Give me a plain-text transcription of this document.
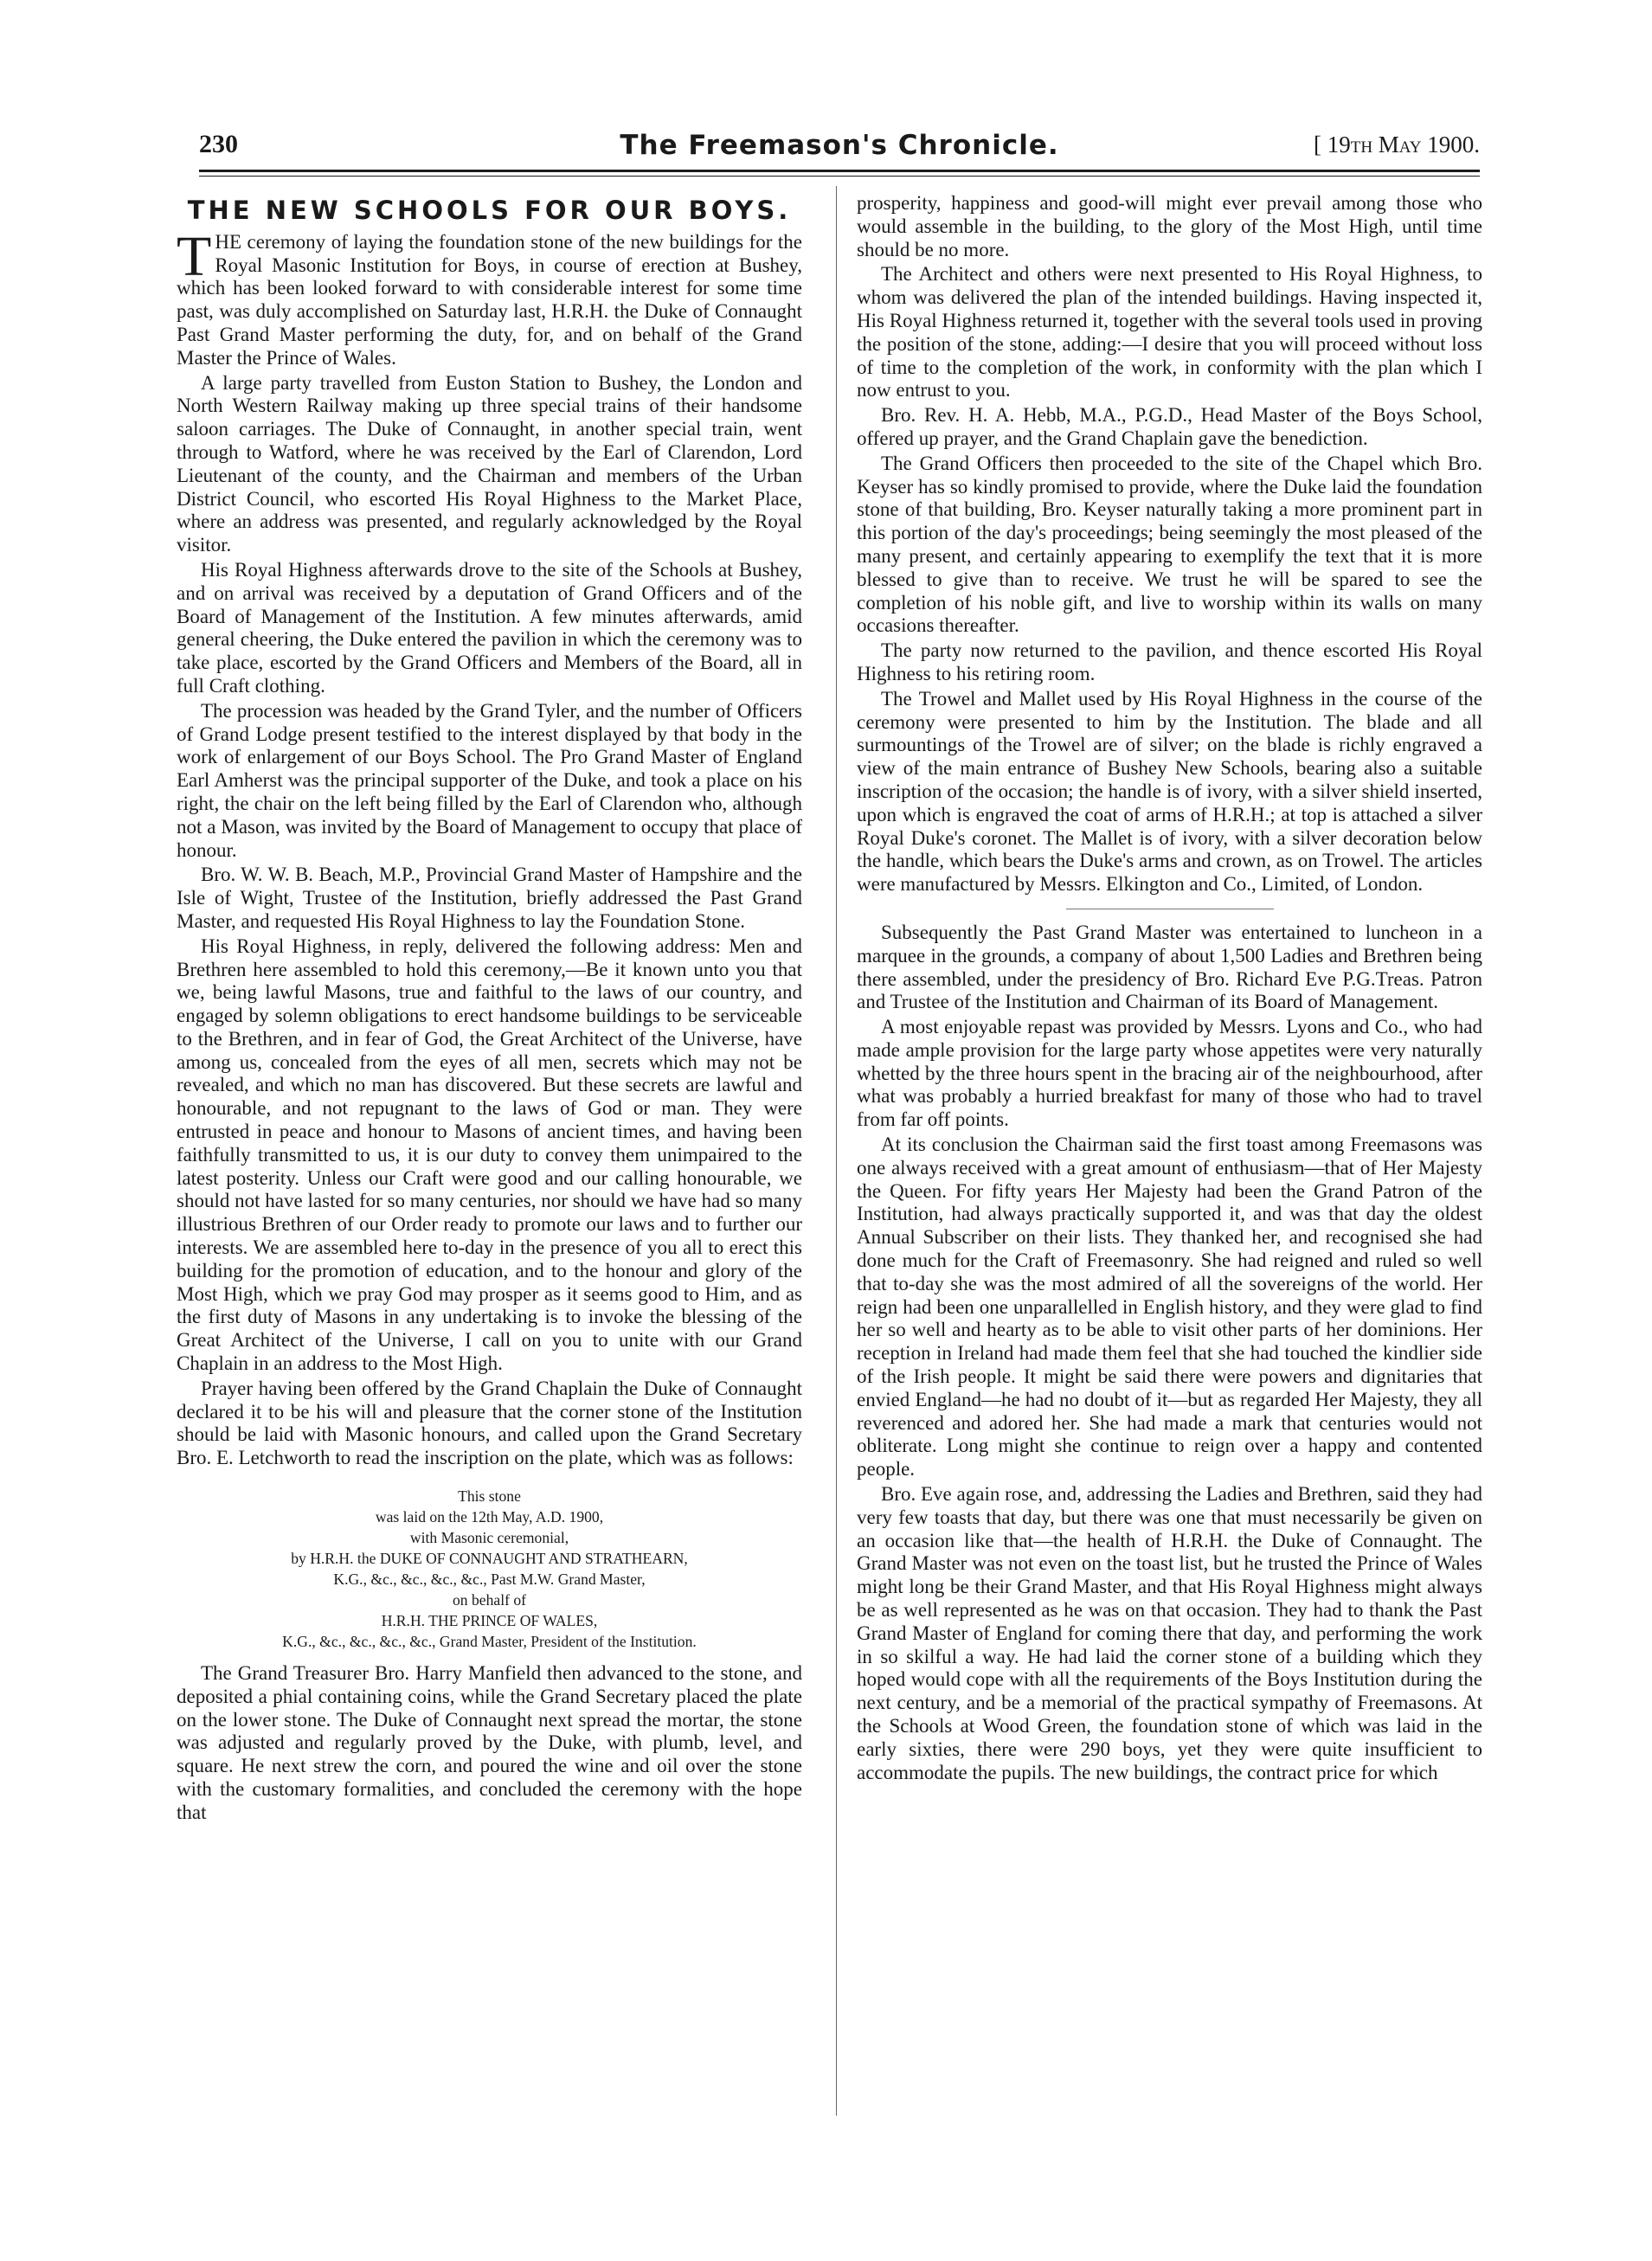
230	The Freemason's Chronicle.	[ 19th May 1900.
THE NEW SCHOOLS FOR OUR BOYS.

THE ceremony of laying the foundation stone of the new buildings for the Royal Masonic Institution for Boys, in course of erection at Bushey, which has been looked forward to with considerable interest for some time past, was duly accomplished on Saturday last, H.R.H. the Duke of Connaught Past Grand Master performing the duty, for, and on behalf of the Grand Master the Prince of Wales.

A large party travelled from Euston Station to Bushey, the London and North Western Railway making up three special trains of their handsome saloon carriages. The Duke of Connaught, in another special train, went through to Watford, where he was received by the Earl of Clarendon, Lord Lieutenant of the county, and the Chairman and members of the Urban District Council, who escorted His Royal Highness to the Market Place, where an address was presented, and regularly acknowledged by the Royal visitor.

His Royal Highness afterwards drove to the site of the Schools at Bushey, and on arrival was received by a deputation of Grand Officers and of the Board of Management of the Institution. A few minutes afterwards, amid general cheering, the Duke entered the pavilion in which the ceremony was to take place, escorted by the Grand Officers and Members of the Board, all in full Craft clothing.

The procession was headed by the Grand Tyler, and the number of Officers of Grand Lodge present testified to the interest displayed by that body in the work of enlargement of our Boys School. The Pro Grand Master of England Earl Amherst was the principal supporter of the Duke, and took a place on his right, the chair on the left being filled by the Earl of Clarendon who, although not a Mason, was invited by the Board of Management to occupy that place of honour.

Bro. W. W. B. Beach, M.P., Provincial Grand Master of Hampshire and the Isle of Wight, Trustee of the Institution, briefly addressed the Past Grand Master, and requested His Royal Highness to lay the Foundation Stone.

His Royal Highness, in reply, delivered the following address: Men and Brethren here assembled to hold this ceremony,—Be it known unto you that we, being lawful Masons, true and faithful to the laws of our country, and engaged by solemn obligations to erect handsome buildings to be serviceable to the Brethren, and in fear of God, the Great Architect of the Universe, have among us, concealed from the eyes of all men, secrets which may not be revealed, and which no man has discovered. But these secrets are lawful and honourable, and not repugnant to the laws of God or man. They were entrusted in peace and honour to Masons of ancient times, and having been faithfully transmitted to us, it is our duty to convey them unimpaired to the latest posterity. Unless our Craft were good and our calling honourable, we should not have lasted for so many centuries, nor should we have had so many illustrious Brethren of our Order ready to promote our laws and to further our interests. We are assembled here to-day in the presence of you all to erect this building for the promotion of education, and to the honour and glory of the Most High, which we pray God may prosper as it seems good to Him, and as the first duty of Masons in any undertaking is to invoke the blessing of the Great Architect of the Universe, I call on you to unite with our Grand Chaplain in an address to the Most High.

Prayer having been offered by the Grand Chaplain the Duke of Connaught declared it to be his will and pleasure that the corner stone of the Institution should be laid with Masonic honours, and called upon the Grand Secretary Bro. E. Letchworth to read the inscription on the plate, which was as follows:

This stone
was laid on the 12th May, A.D. 1900,
with Masonic ceremonial,
by H.R.H. the DUKE OF CONNAUGHT AND STRATHEARN,
K.G., &c., &c., &c., &c., Past M.W. Grand Master,
on behalf of
H.R.H. THE PRINCE OF WALES,
K.G., &c., &c., &c., &c., Grand Master, President of the Institution.

The Grand Treasurer Bro. Harry Manfield then advanced to the stone, and deposited a phial containing coins, while the Grand Secretary placed the plate on the lower stone. The Duke of Connaught next spread the mortar, the stone was adjusted and regularly proved by the Duke, with plumb, level, and square. He next strew the corn, and poured the wine and oil over the stone with the customary formalities, and concluded the ceremony with the hope that

prosperity, happiness and good-will might ever prevail among those who would assemble in the building, to the glory of the Most High, until time should be no more.

The Architect and others were next presented to His Royal Highness, to whom was delivered the plan of the intended buildings. Having inspected it, His Royal Highness returned it, together with the several tools used in proving the position of the stone, adding:—I desire that you will proceed without loss of time to the completion of the work, in conformity with the plan which I now entrust to you.

Bro. Rev. H. A. Hebb, M.A., P.G.D., Head Master of the Boys School, offered up prayer, and the Grand Chaplain gave the benediction.

The Grand Officers then proceeded to the site of the Chapel which Bro. Keyser has so kindly promised to provide, where the Duke laid the foundation stone of that building, Bro. Keyser naturally taking a more prominent part in this portion of the day's proceedings; being seemingly the most pleased of the many present, and certainly appearing to exemplify the text that it is more blessed to give than to receive. We trust he will be spared to see the completion of his noble gift, and live to worship within its walls on many occasions thereafter.

The party now returned to the pavilion, and thence escorted His Royal Highness to his retiring room.

The Trowel and Mallet used by His Royal Highness in the course of the ceremony were presented to him by the Institution. The blade and all surmountings of the Trowel are of silver; on the blade is richly engraved a view of the main entrance of Bushey New Schools, bearing also a suitable inscription of the occasion; the handle is of ivory, with a silver shield inserted, upon which is engraved the coat of arms of H.R.H.; at top is attached a silver Royal Duke's coronet. The Mallet is of ivory, with a silver decoration below the handle, which bears the Duke's arms and crown, as on Trowel. The articles were manufactured by Messrs. Elkington and Co., Limited, of London.

Subsequently the Past Grand Master was entertained to luncheon in a marquee in the grounds, a company of about 1,500 Ladies and Brethren being there assembled, under the presidency of Bro. Richard Eve P.G.Treas. Patron and Trustee of the Institution and Chairman of its Board of Management.

A most enjoyable repast was provided by Messrs. Lyons and Co., who had made ample provision for the large party whose appetites were very naturally whetted by the three hours spent in the bracing air of the neighbourhood, after what was probably a hurried breakfast for many of those who had to travel from far off points.

At its conclusion the Chairman said the first toast among Freemasons was one always received with a great amount of enthusiasm—that of Her Majesty the Queen. For fifty years Her Majesty had been the Grand Patron of the Institution, had always practically supported it, and was that day the oldest Annual Subscriber on their lists. They thanked her, and recognised she had done much for the Craft of Freemasonry. She had reigned and ruled so well that to-day she was the most admired of all the sovereigns of the world. Her reign had been one unparallelled in English history, and they were glad to find her so well and hearty as to be able to visit other parts of her dominions. Her reception in Ireland had made them feel that she had touched the kindlier side of the Irish people. It might be said there were powers and dignitaries that envied England—he had no doubt of it—but as regarded Her Majesty, they all reverenced and adored her. She had made a mark that centuries would not obliterate. Long might she continue to reign over a happy and contented people.

Bro. Eve again rose, and, addressing the Ladies and Brethren, said they had very few toasts that day, but there was one that must necessarily be given on an occasion like that—the health of H.R.H. the Duke of Connaught. The Grand Master was not even on the toast list, but he trusted the Prince of Wales might long be their Grand Master, and that His Royal Highness might always be as well represented as he was on that occasion. They had to thank the Past Grand Master of England for coming there that day, and performing the work in so skilful a way. He had laid the corner stone of a building which they hoped would cope with all the requirements of the Boys Institution during the next century, and be a memorial of the practical sympathy of Freemasons. At the Schools at Wood Green, the foundation stone of which was laid in the early sixties, there were 290 boys, yet they were quite insufficient to accommodate the pupils. The new buildings, the contract price for which
